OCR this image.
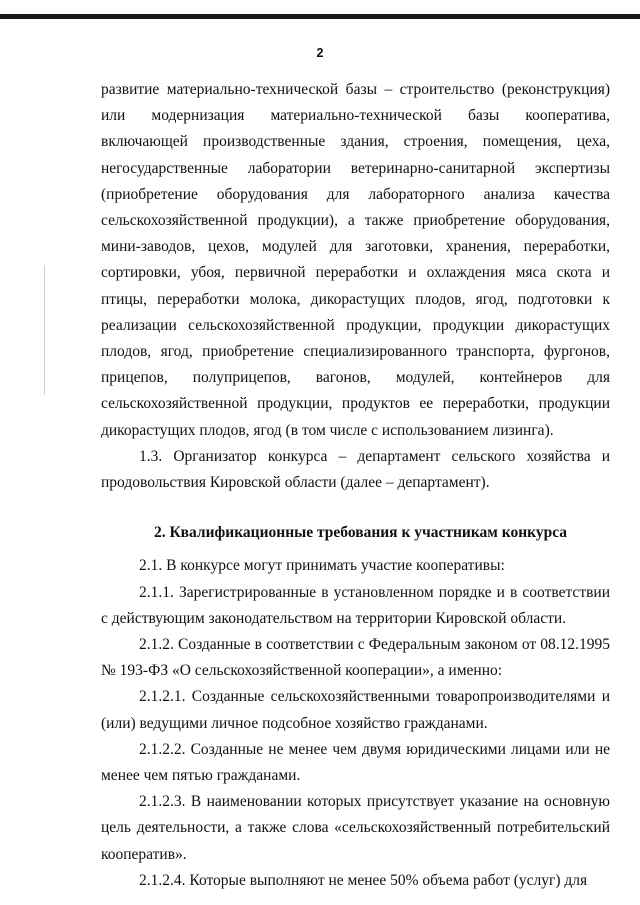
2

развитие материально-технической базы – строительство (реконструкция) или модернизация материально-технической базы кооператива, включающей производственные здания, строения, помещения, цеха, негосударственные лаборатории ветеринарно-санитарной экспертизы (приобретение оборудования для лабораторного анализа качества сельскохозяйственной продукции), а также приобретение оборудования, мини-заводов, цехов, модулей для заготовки, хранения, переработки, сортировки, убоя, первичной переработки и охлаждения мяса скота и птицы, переработки молока, дикорастущих плодов, ягод, подготовки к реализации сельскохозяйственной продукции, продукции дикорастущих плодов, ягод, приобретение специализированного транспорта, фургонов, прицепов, полуприцепов, вагонов, модулей, контейнеров для сельскохозяйственной продукции, продуктов ее переработки, продукции дикорастущих плодов, ягод (в том числе с использованием лизинга).

1.3. Организатор конкурса – департамент сельского хозяйства и продовольствия Кировской области (далее – департамент).

2. Квалификационные требования к участникам конкурса

2.1. В конкурсе могут принимать участие кооперативы:

2.1.1. Зарегистрированные в установленном порядке и в соответствии с действующим законодательством на территории Кировской области.

2.1.2. Созданные в соответствии с Федеральным законом от 08.12.1995 № 193-ФЗ «О сельскохозяйственной кооперации», а именно:

2.1.2.1. Созданные сельскохозяйственными товаропроизводителями и (или) ведущими личное подсобное хозяйство гражданами.

2.1.2.2. Созданные не менее чем двумя юридическими лицами или не менее чем пятью гражданами.

2.1.2.3. В наименовании которых присутствует указание на основную цель деятельности, а также слова «сельскохозяйственный потребительский кооператив».

2.1.2.4. Которые выполняют не менее 50% объема работ (услуг) для
